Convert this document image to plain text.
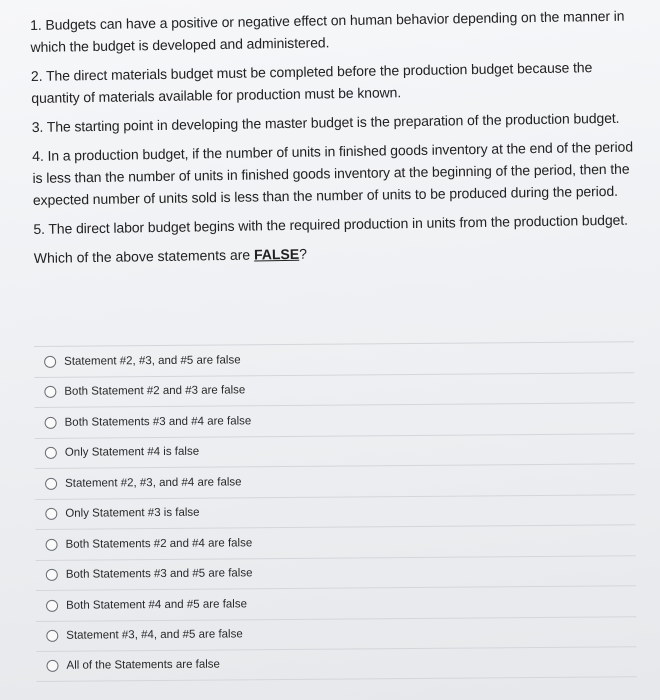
1. Budgets can have a positive or negative effect on human behavior depending on the manner in which the budget is developed and administered.

2. The direct materials budget must be completed before the production budget because the quantity of materials available for production must be known.

3. The starting point in developing the master budget is the preparation of the production budget.

4. In a production budget, if the number of units in finished goods inventory at the end of the period is less than the number of units in finished goods inventory at the beginning of the period, then the expected number of units sold is less than the number of units to be produced during the period.

5. The direct labor budget begins with the required production in units from the production budget.

Which of the above statements are FALSE?

Statement #2, #3, and #5 are false
Both Statement #2 and #3 are false
Both Statements #3 and #4 are false
Only Statement #4 is false
Statement #2, #3, and #4 are false
Only Statement #3 is false
Both Statements #2 and #4 are false
Both Statements #3 and #5 are false
Both Statement #4 and #5 are false
Statement #3, #4, and #5 are false
All of the Statements are false
